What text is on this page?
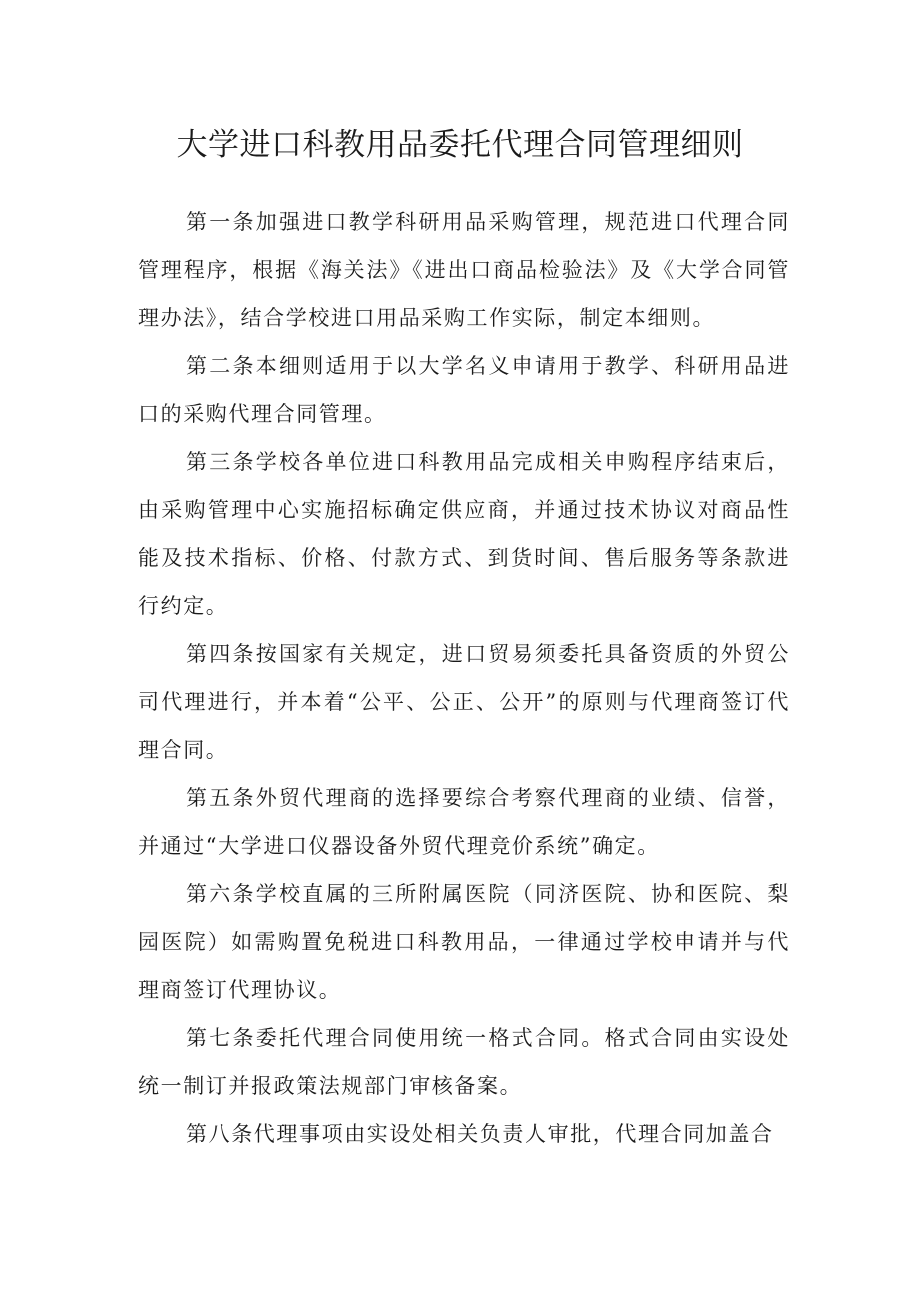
大学进口科教用品委托代理合同管理细则

第一条加强进口教学科研用品采购管理，规范进口代理合同管理程序，根据《海关法》《进出口商品检验法》及《大学合同管理办法》，结合学校进口用品采购工作实际，制定本细则。

第二条本细则适用于以大学名义申请用于教学、科研用品进口的采购代理合同管理。

第三条学校各单位进口科教用品完成相关申购程序结束后，由采购管理中心实施招标确定供应商，并通过技术协议对商品性能及技术指标、价格、付款方式、到货时间、售后服务等条款进行约定。

第四条按国家有关规定，进口贸易须委托具备资质的外贸公司代理进行，并本着“公平、公正、公开”的原则与代理商签订代理合同。

第五条外贸代理商的选择要综合考察代理商的业绩、信誉，并通过“大学进口仪器设备外贸代理竞价系统”确定。

第六条学校直属的三所附属医院（同济医院、协和医院、梨园医院）如需购置免税进口科教用品，一律通过学校申请并与代理商签订代理协议。

第七条委托代理合同使用统一格式合同。格式合同由实设处统一制订并报政策法规部门审核备案。

第八条代理事项由实设处相关负责人审批，代理合同加盖合
